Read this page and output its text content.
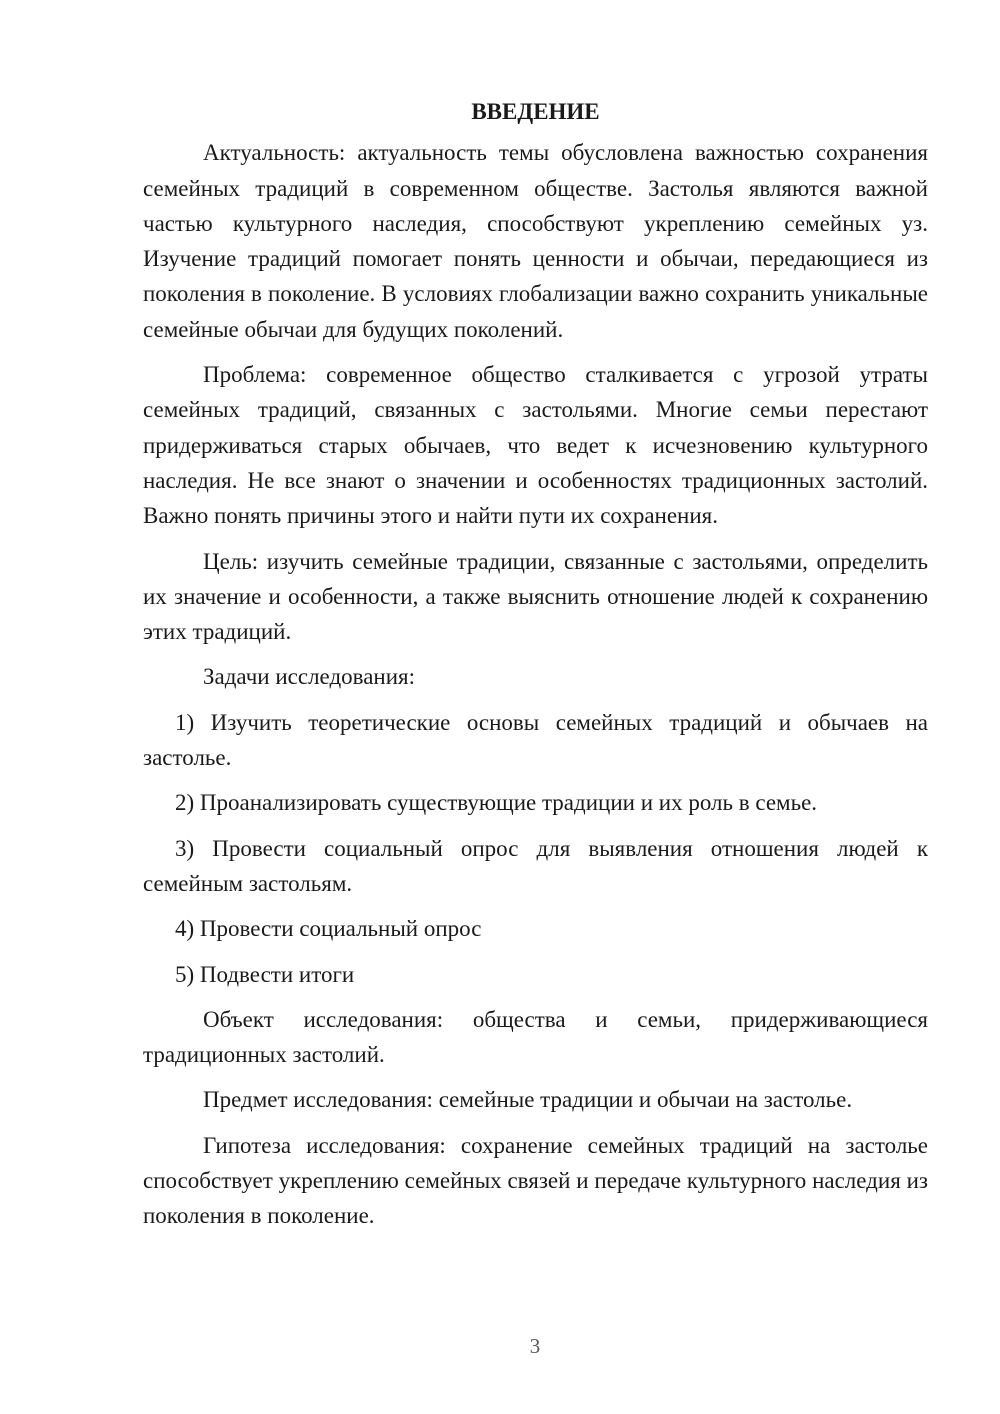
ВВЕДЕНИЕ

Актуальность: актуальность темы обусловлена важностью сохранения семейных традиций в современном обществе. Застолья являются важной частью культурного наследия, способствуют укреплению семейных уз. Изучение традиций помогает понять ценности и обычаи, передающиеся из поколения в поколение. В условиях глобализации важно сохранить уникальные семейные обычаи для будущих поколений.

Проблема: современное общество сталкивается с угрозой утраты семейных традиций, связанных с застольями. Многие семьи перестают придерживаться старых обычаев, что ведет к исчезновению культурного наследия. Не все знают о значении и особенностях традиционных застолий. Важно понять причины этого и найти пути их сохранения.

Цель: изучить семейные традиции, связанные с застольями, определить их значение и особенности, а также выяснить отношение людей к сохранению этих традиций.

Задачи исследования:

1) Изучить теоретические основы семейных традиций и обычаев на застолье.

2) Проанализировать существующие традиции и их роль в семье.

3) Провести социальный опрос для выявления отношения людей к семейным застольям.

4) Провести социальный опрос

5) Подвести итоги

Объект исследования: общества и семьи, придерживающиеся традиционных застолий.

Предмет исследования: семейные традиции и обычаи на застолье.

Гипотеза исследования: сохранение семейных традиций на застолье способствует укреплению семейных связей и передаче культурного наследия из поколения в поколение.

3
